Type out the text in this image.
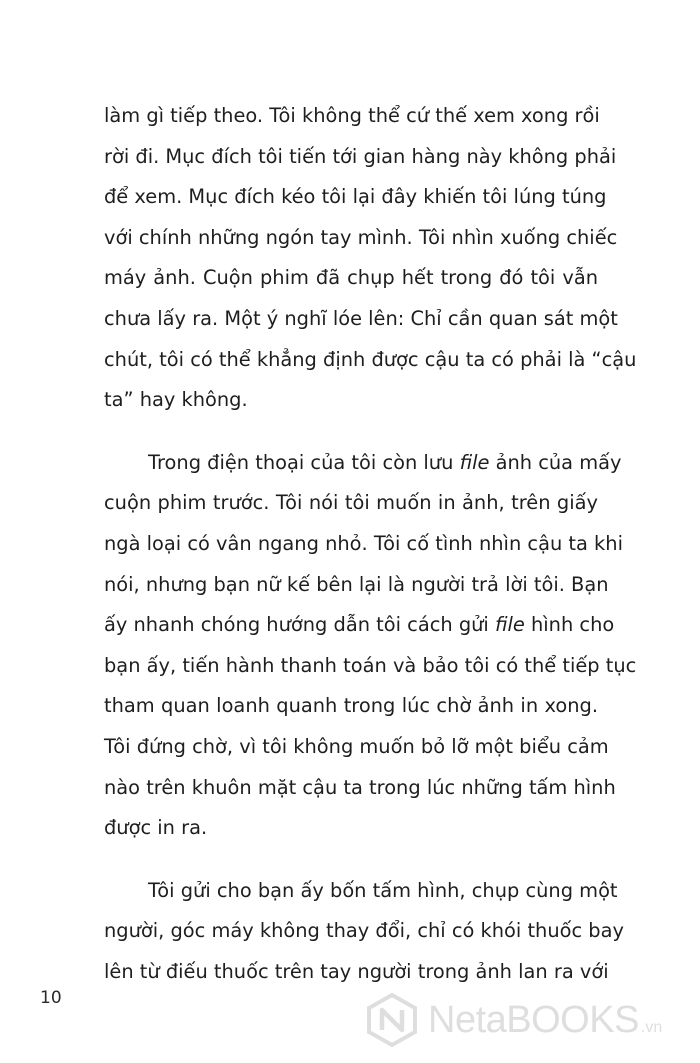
làm gì tiếp theo. Tôi không thể cứ thế xem xong rồi
rời đi. Mục đích tôi tiến tới gian hàng này không phải
để xem. Mục đích kéo tôi lại đây khiến tôi lúng túng
với chính những ngón tay mình. Tôi nhìn xuống chiếc
máy ảnh. Cuộn phim đã chụp hết trong đó tôi vẫn
chưa lấy ra. Một ý nghĩ lóe lên: Chỉ cần quan sát một
chút, tôi có thể khẳng định được cậu ta có phải là “cậu
ta” hay không.
Trong điện thoại của tôi còn lưu file ảnh của mấy
cuộn phim trước. Tôi nói tôi muốn in ảnh, trên giấy
ngà loại có vân ngang nhỏ. Tôi cố tình nhìn cậu ta khi
nói, nhưng bạn nữ kế bên lại là người trả lời tôi. Bạn
ấy nhanh chóng hướng dẫn tôi cách gửi file hình cho
bạn ấy, tiến hành thanh toán và bảo tôi có thể tiếp tục
tham quan loanh quanh trong lúc chờ ảnh in xong.
Tôi đứng chờ, vì tôi không muốn bỏ lỡ một biểu cảm
nào trên khuôn mặt cậu ta trong lúc những tấm hình
được in ra.
Tôi gửi cho bạn ấy bốn tấm hình, chụp cùng một
người, góc máy không thay đổi, chỉ có khói thuốc bay
lên từ điếu thuốc trên tay người trong ảnh lan ra với
10
NetaBOOKS .vn
